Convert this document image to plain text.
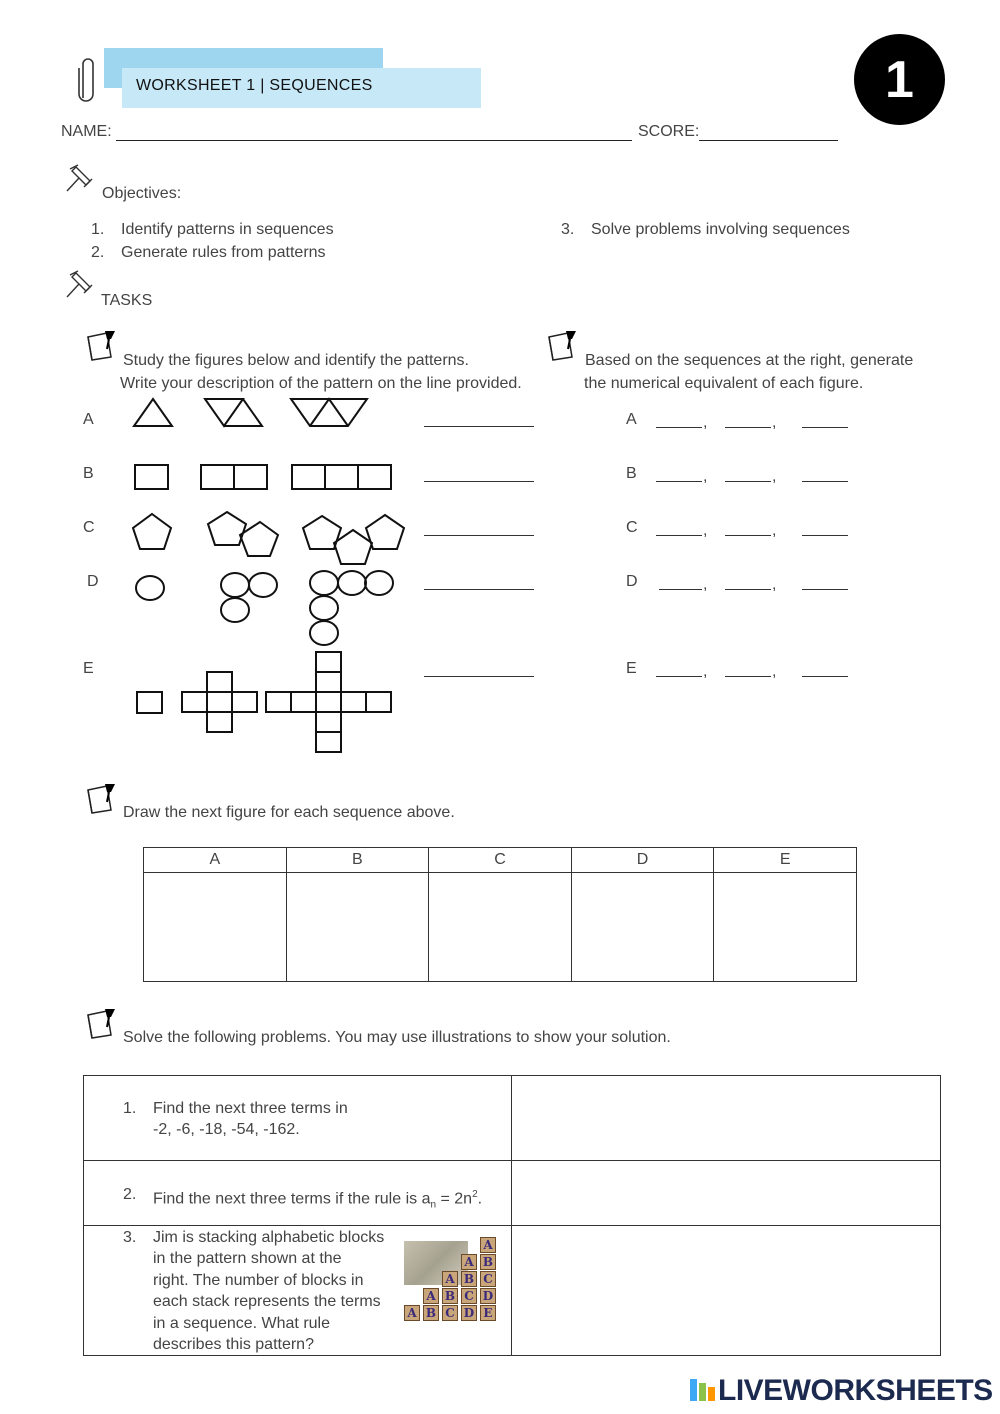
WORKSHEET 1 | SEQUENCES	1
NAME:	SCORE:
Objectives:
1. Identify patterns in sequences
2. Generate rules from patterns
3. Solve problems involving sequences
TASKS
Study the figures below and identify the patterns.
Write your description of the pattern on the line provided.
Based on the sequences at the right, generate
the numerical equivalent of each figure.
A
B
C
D
E
A	,	,
B	,	,
C	,	,
D	,	,
E	,	,
Draw the next figure for each sequence above.
A	B	C	D	E

Solve the following problems. You may use illustrations to show your solution.
1. Find the next three terms in
-2, -6, -18, -54, -162.
2. Find the next three terms if the rule is $a_n = 2n^2$.
3. Jim is stacking alphabetic blocks
in the pattern shown at the
right. The number of blocks in
each stack represents the terms
in a sequence. What rule
describes this pattern?
A B
A
C
B
A
D
C
B
A
E
D
C
B
A
LIVEWORKSHEETS
